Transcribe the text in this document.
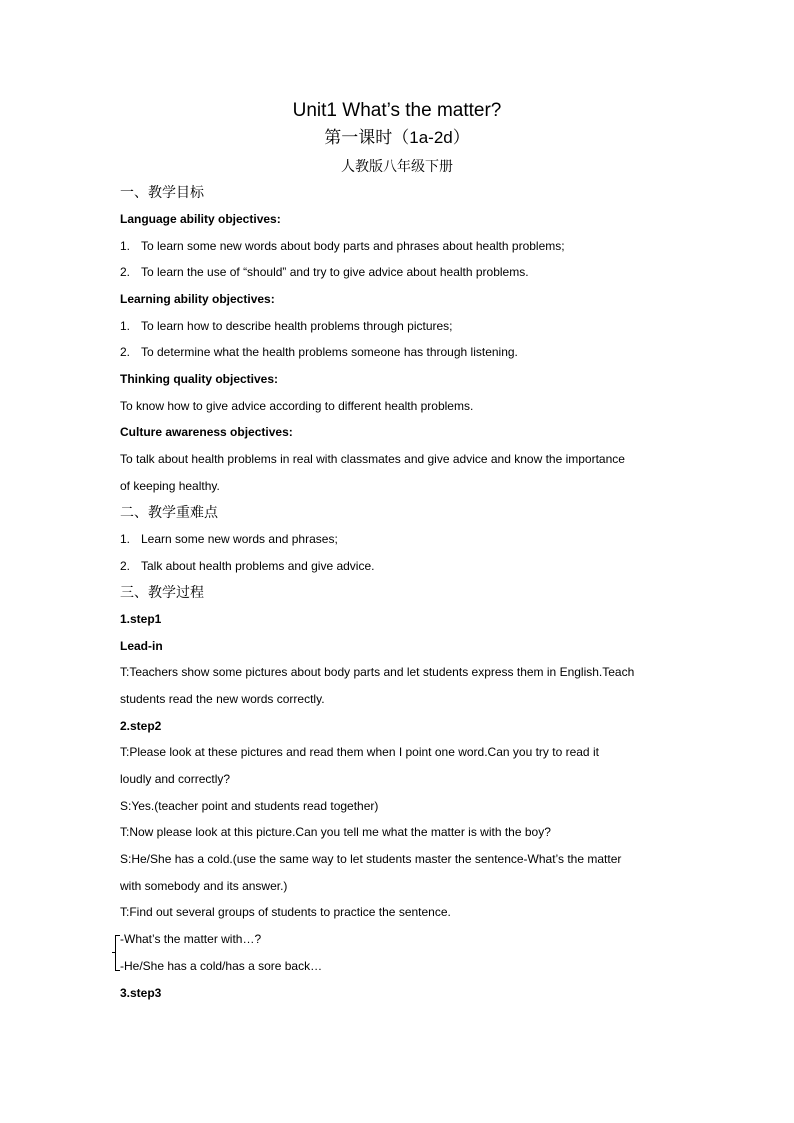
Unit1 What’s the matter?
第一课时（1a-2d）
人教版八年级下册
一、教学目标
Language ability objectives:
1. To learn some new words about body parts and phrases about health problems;
2. To learn the use of “should” and try to give advice about health problems.
Learning ability objectives:
1. To learn how to describe health problems through pictures;
2. To determine what the health problems someone has through listening.
Thinking quality objectives:
To know how to give advice according to different health problems.
Culture awareness objectives:
To talk about health problems in real with classmates and give advice and know the importance
of keeping healthy.
二、教学重难点
1. Learn some new words and phrases;
2. Talk about health problems and give advice.
三、教学过程
1.step1
Lead-in
T:Teachers show some pictures about body parts and let students express them in English.Teach
students read the new words correctly.
2.step2
T:Please look at these pictures and read them when I point one word.Can you try to read it
loudly and correctly?
S:Yes.(teacher point and students read together)
T:Now please look at this picture.Can you tell me what the matter is with the boy?
S:He/She has a cold.(use the same way to let students master the sentence-What’s the matter
with somebody and its answer.)
T:Find out several groups of students to practice the sentence.
-What’s the matter with…?
-He/She has a cold/has a sore back…
3.step3
